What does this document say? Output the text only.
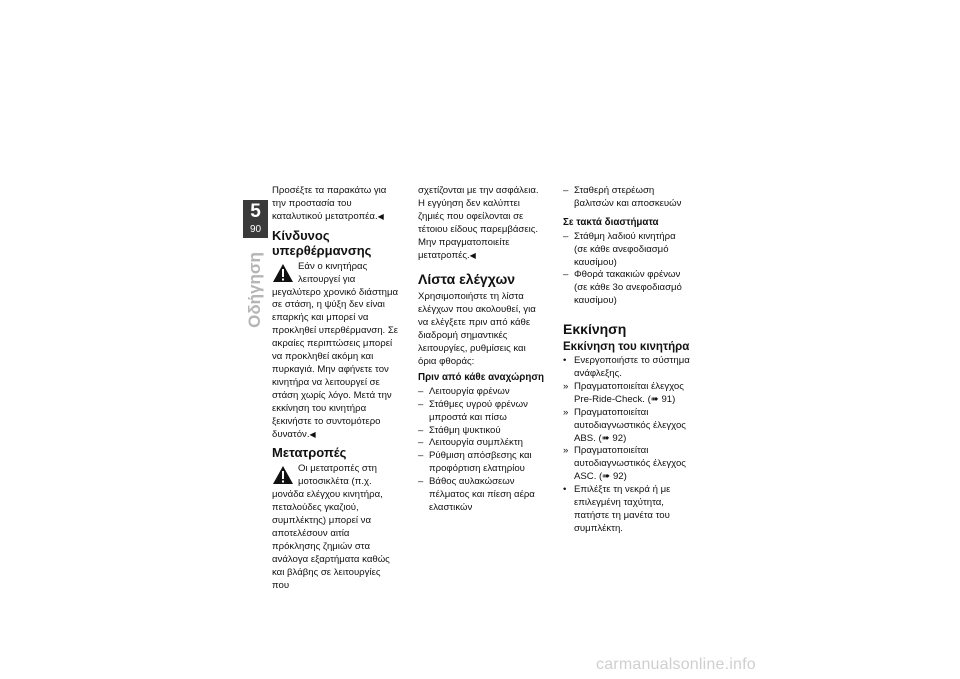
5
90
Οδήγηση

Προσέξτε τα παρακάτω για την προστασία του καταλυτικού μετατροπέα.◀

Κίνδυνος υπερθέρμανσης

Εάν ο κινητήρας λειτουργεί για μεγαλύτερο χρονικό διάστημα σε στάση, η ψύξη δεν είναι επαρκής και μπορεί να προκληθεί υπερθέρμανση. Σε ακραίες περιπτώσεις μπορεί να προκληθεί ακόμη και πυρκαγιά. Μην αφήνετε τον κινητήρα να λειτουργεί σε στάση χωρίς λόγο. Μετά την εκκίνηση του κινητήρα ξεκινήστε το συντομότερο δυνατόν.◀

Μετατροπές

Οι μετατροπές στη μοτοσικλέτα (π.χ. μονάδα ελέγχου κινητήρα, πεταλούδες γκαζιού, συμπλέκτης) μπορεί να αποτελέσουν αιτία πρόκλησης ζημιών στα ανάλογα εξαρτήματα καθώς και βλάβης σε λειτουργίες που

σχετίζονται με την ασφάλεια. Η εγγύηση δεν καλύπτει ζημιές που οφείλονται σε τέτοιου είδους παρεμβάσεις.

Μην πραγματοποιείτε μετατροπές.◀

Λίστα ελέγχων

Χρησιμοποιήστε τη λίστα ελέγχων που ακολουθεί, για να ελέγξετε πριν από κάθε διαδρομή σημαντικές λειτουργίες, ρυθμίσεις και όρια φθοράς:

Πριν από κάθε αναχώρηση
– Λειτουργία φρένων
– Στάθμες υγρού φρένων μπροστά και πίσω
– Στάθμη ψυκτικού
– Λειτουργία συμπλέκτη
– Ρύθμιση απόσβεσης και προφόρτιση ελατηρίου
– Βάθος αυλακώσεων πέλματος και πίεση αέρα ελαστικών
– Σταθερή στερέωση βαλιτσών και αποσκευών
Σε τακτά διαστήματα
– Στάθμη λαδιού κινητήρα (σε κάθε ανεφοδιασμό καυσίμου)
– Φθορά τακακιών φρένων (σε κάθε 3ο ανεφοδιασμό καυσίμου)
Εκκίνηση
Εκκίνηση του κινητήρα
• Ενεργοποιήστε το σύστημα ανάφλεξης.
» Πραγματοποιείται έλεγχος Pre-Ride-Check. (➠ 91)
» Πραγματοποιείται αυτοδιαγνωστικός έλεγχος ABS. (➠ 92)
» Πραγματοποιείται αυτοδιαγνωστικός έλεγχος ASC. (➠ 92)
• Επιλέξτε τη νεκρά ή με επιλεγμένη ταχύτητα, πατήστε τη μανέτα του συμπλέκτη.
carmanualsonline.info
